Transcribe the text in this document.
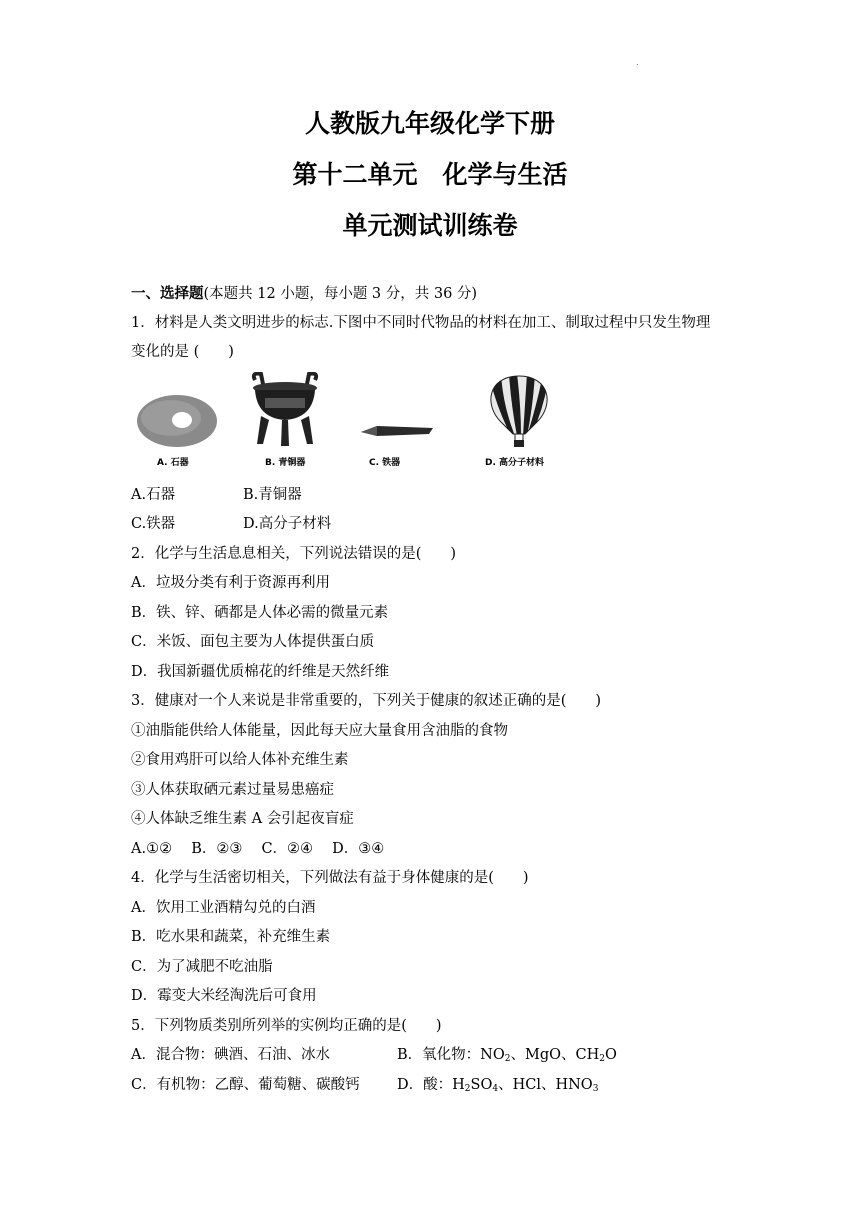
.
人教版九年级化学下册
第十二单元　化学与生活
单元测试训练卷
一、选择题(本题共 12 小题，每小题 3 分，共 36 分)
1．材料是人类文明进步的标志.下图中不同时代物品的材料在加工、制取过程中只发生物理
变化的是 (　　)
A. 石器	B. 青铜器	C. 铁器	D. 高分子材料
A.石器	B.青铜器
C.铁器	D.高分子材料
2．化学与生活息息相关，下列说法错误的是(　　)
A．垃圾分类有利于资源再利用
B．铁、锌、硒都是人体必需的微量元素
C．米饭、面包主要为人体提供蛋白质
D．我国新疆优质棉花的纤维是天然纤维
3．健康对一个人来说是非常重要的，下列关于健康的叙述正确的是(　　)
①油脂能供给人体能量，因此每天应大量食用含油脂的食物
②食用鸡肝可以给人体补充维生素
③人体获取硒元素过量易患癌症
④人体缺乏维生素 A 会引起夜盲症
A.①②　 B．②③　 C．②④　 D．③④
4．化学与生活密切相关，下列做法有益于身体健康的是(　　)
A．饮用工业酒精勾兑的白酒
B．吃水果和蔬菜，补充维生素
C．为了减肥不吃油脂
D．霉变大米经淘洗后可食用
5．下列物质类别所列举的实例均正确的是(　　)
A．混合物：碘酒、石油、冰水	B．氧化物：$NO_2$、MgO、$CH_2O$
C．有机物：乙醇、葡萄糖、碳酸钙	D．酸：$H_2SO_4$、HCl、$HNO_3$
